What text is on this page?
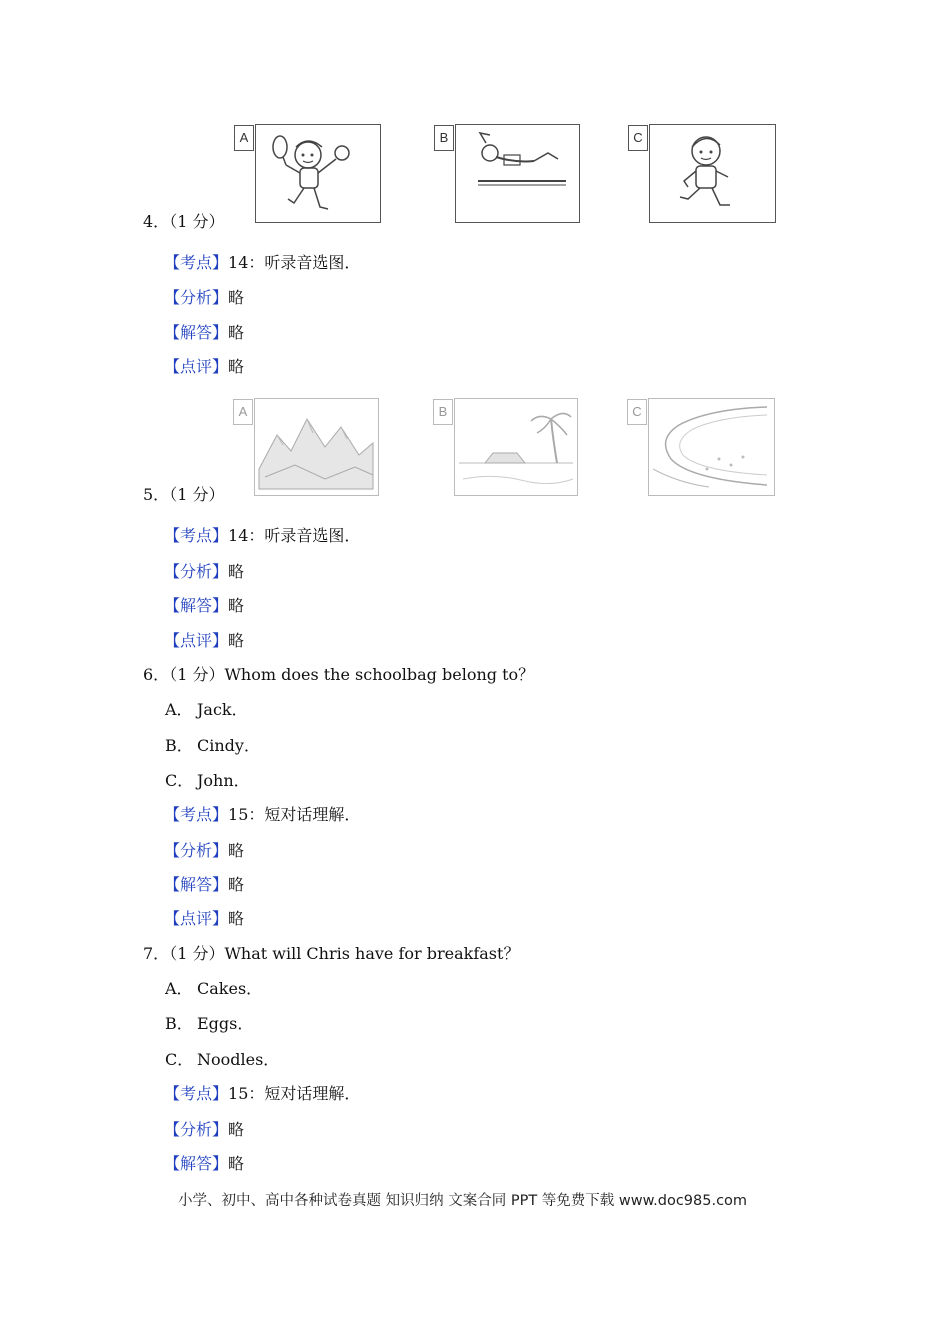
A	B	C
4．（1 分）
【考点】14：听录音选图．
【分析】略
【解答】略
【点评】略
A	B	C
5．（1 分）
【考点】14：听录音选图．
【分析】略
【解答】略
【点评】略
6．（1 分）Whom does the schoolbag belong to？
A． Jack．
B． Cindy．
C． John．
【考点】15：短对话理解．
【分析】略
【解答】略
【点评】略
7．（1 分）What will Chris have for breakfast？
A． Cakes．
B． Eggs．
C． Noodles．
【考点】15：短对话理解．
【分析】略
【解答】略
小学、初中、高中各种试卷真题 知识归纳 文案合同 PPT 等免费下载 www.doc985.com
